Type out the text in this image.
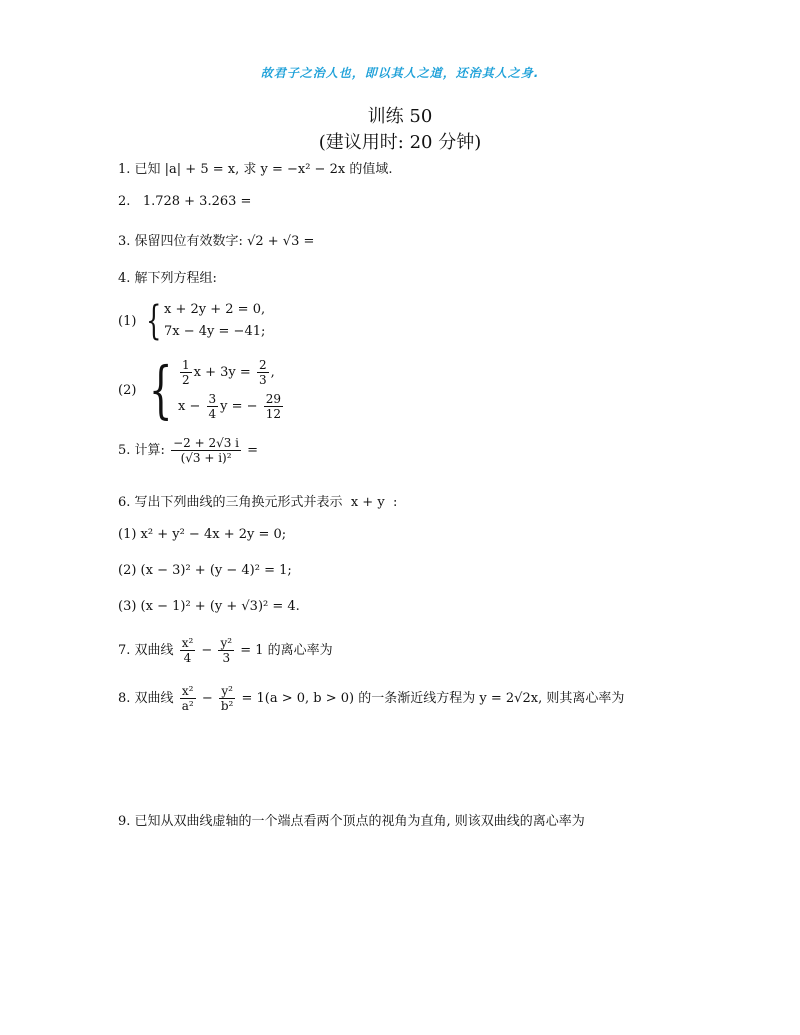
故君子之治人也，即以其人之道，还治其人之身.
训练 50
(建议用时: 20 分钟)
1. 已知 |a| + 5 = x, 求 y = −x² − 2x 的值域.
2. 1.728 + 3.263 =
3. 保留四位有效数字: √2 + √3 =
4. 解下列方程组:
(1)
{ x + 2y + 2 = 0,
7x − 4y = −41;
(2)
{ $\frac{1}{2}$ $x + 3y = \frac{2}{3}$ ,
$x - \frac{3}{4}$ y = − $\frac{29}{12}$
5. 计算: $\frac{-2 + 2√3 i}{\text{(√3 + i)²}}$ =
6. 写出下列曲线的三角换元形式并表示 x + y :
(1) x² + y² − 4x + 2y = 0;
(2) (x − 3)² + (y − 4)² = 1;
(3) (x − 1)² + (y + √3)² = 4.
7. 双曲线 $\frac{\text{x²}}{4} - \frac{\text{y²}}{3} = 1$ 的离心率为
8. 双曲线 $\frac{\text{x²}}{\text{a²}} - \frac{\text{y²}}{\text{b²}} = 1(a > 0$, b > 0) 的一条渐近线方程为 y = 2√2x, 则其离心率为
9. 已知从双曲线虚轴的一个端点看两个顶点的视角为直角, 则该双曲线的离心率为
